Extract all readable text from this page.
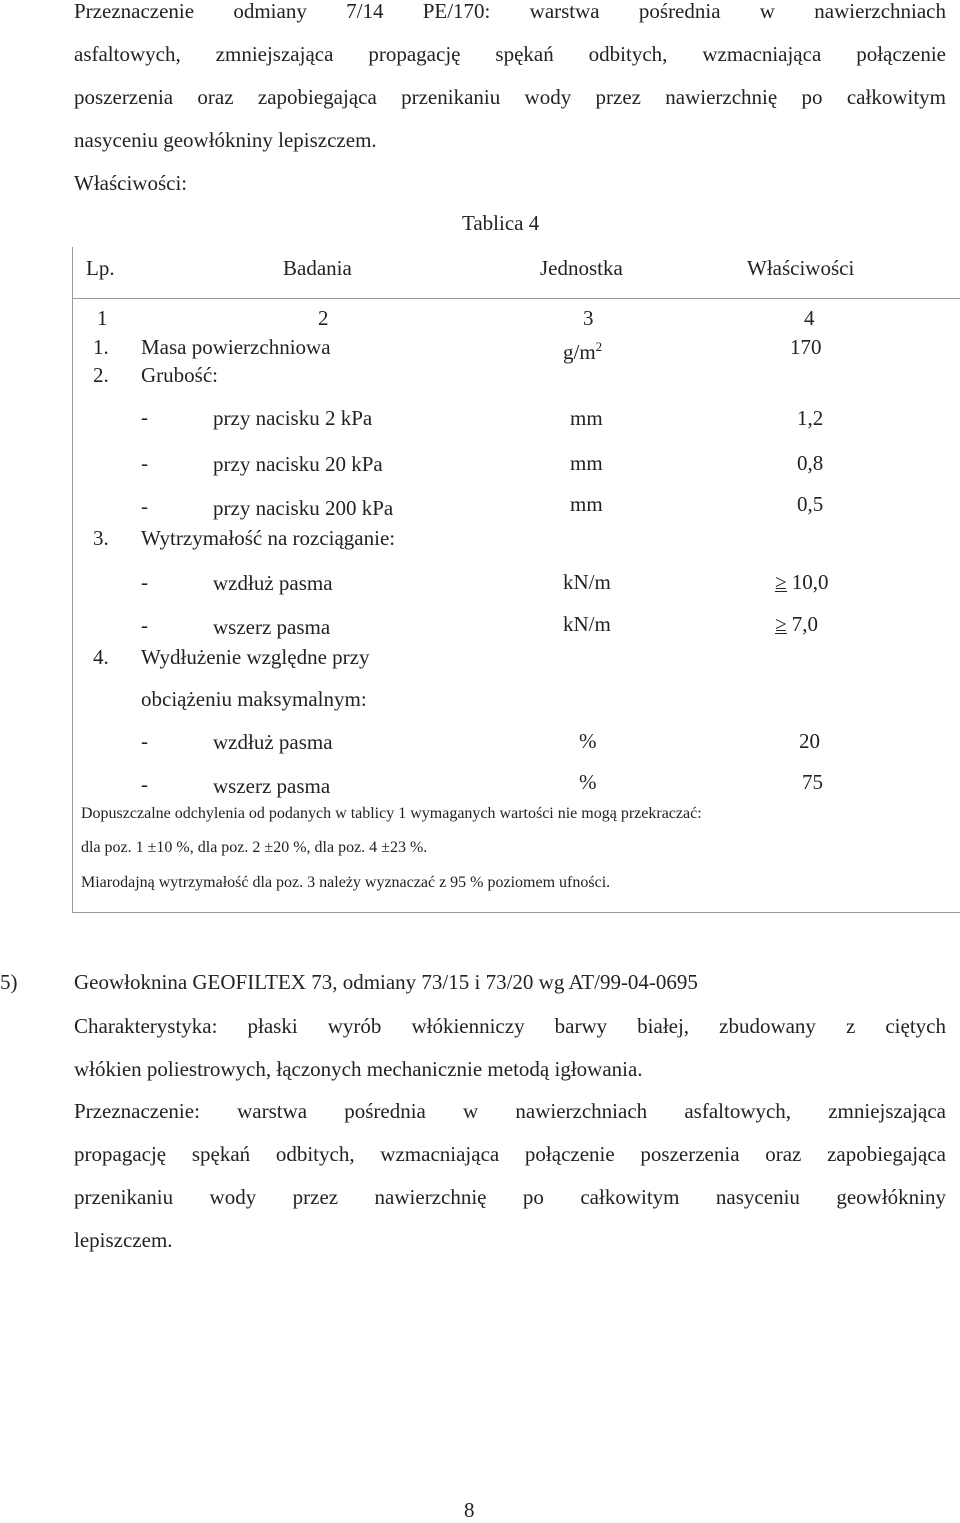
Przeznaczenie odmiany 7/14 PE/170: warstwa pośrednia w nawierzchniach
asfaltowych, zmniejszająca propagację spękań odbitych, wzmacniająca połączenie
poszerzenia oraz zapobiegająca przenikaniu wody przez nawierzchnię po całkowitym
nasyceniu geowłókniny lepiszczem.
Właściwości:
Tablica 4
Lp.	Badania	Jednostka	Właściwości
1	2	3	4
1. Masa powierzchniowa	$g/m^2$	170
2. Grubość:
-	przy nacisku 2 kPa	mm	1,2
-	przy nacisku 20 kPa	mm	0,8
-	przy nacisku 200 kPa	mm	0,5
3. Wytrzymałość na rozciąganie:
-	wzdłuż pasma	kN/m	≥ 10,0
-	wszerz pasma	kN/m	≥ 7,0
4. Wydłużenie względne przy
obciążeniu maksymalnym:
-	wzdłuż pasma	%	20
-	wszerz pasma	%	75
Dopuszczalne odchylenia od podanych w tablicy 1 wymaganych wartości nie mogą przekraczać:
dla poz. 1 ±10 %, dla poz. 2 ±20 %, dla poz. 4 ±23 %.
Miarodajną wytrzymałość dla poz. 3 należy wyznaczać z 95 % poziomem ufności.
5)	Geowłoknina GEOFILTEX 73, odmiany 73/15 i 73/20 wg AT/99-04-0695
Charakterystyka: płaski wyrób włókienniczy barwy białej, zbudowany z ciętych
włókien poliestrowych, łączonych mechanicznie metodą igłowania.
Przeznaczenie: warstwa pośrednia w nawierzchniach asfaltowych, zmniejszająca
propagację spękań odbitych, wzmacniająca połączenie poszerzenia oraz zapobiegająca
przenikaniu wody przez nawierzchnię po całkowitym nasyceniu geowłókniny
lepiszczem.
8
